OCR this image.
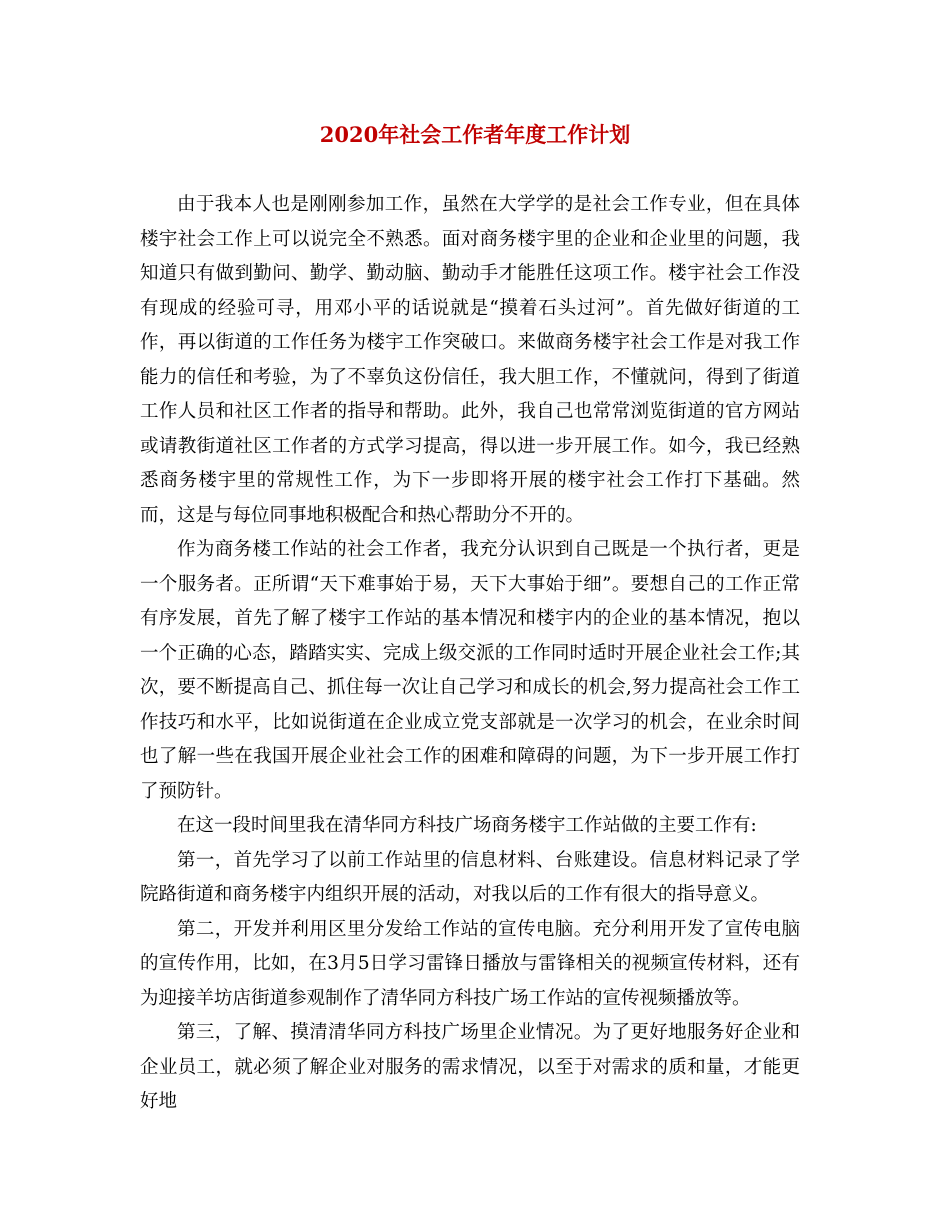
2020年社会工作者年度工作计划

由于我本人也是刚刚参加工作，虽然在大学学的是社会工作专业，但在具体楼宇社会工作上可以说完全不熟悉。面对商务楼宇里的企业和企业里的问题，我知道只有做到勤问、勤学、勤动脑、勤动手才能胜任这项工作。楼宇社会工作没有现成的经验可寻，用邓小平的话说就是“摸着石头过河”。首先做好街道的工作，再以街道的工作任务为楼宇工作突破口。来做商务楼宇社会工作是对我工作能力的信任和考验，为了不辜负这份信任，我大胆工作，不懂就问，得到了街道工作人员和社区工作者的指导和帮助。此外，我自己也常常浏览街道的官方网站或请教街道社区工作者的方式学习提高，得以进一步开展工作。如今，我已经熟悉商务楼宇里的常规性工作，为下一步即将开展的楼宇社会工作打下基础。然而，这是与每位同事地积极配合和热心帮助分不开的。

作为商务楼工作站的社会工作者，我充分认识到自己既是一个执行者，更是一个服务者。正所谓“天下难事始于易，天下大事始于细”。要想自己的工作正常有序发展，首先了解了楼宇工作站的基本情况和楼宇内的企业的基本情况，抱以一个正确的心态，踏踏实实、完成上级交派的工作同时适时开展企业社会工作;其次，要不断提高自己、抓住每一次让自己学习和成长的机会,努力提高社会工作工作技巧和水平，比如说街道在企业成立党支部就是一次学习的机会，在业余时间也了解一些在我国开展企业社会工作的困难和障碍的问题，为下一步开展工作打了预防针。

在这一段时间里我在清华同方科技广场商务楼宇工作站做的主要工作有:

第一，首先学习了以前工作站里的信息材料、台账建设。信息材料记录了学院路街道和商务楼宇内组织开展的活动，对我以后的工作有很大的指导意义。

第二，开发并利用区里分发给工作站的宣传电脑。充分利用开发了宣传电脑的宣传作用，比如，在3月5日学习雷锋日播放与雷锋相关的视频宣传材料，还有为迎接羊坊店街道参观制作了清华同方科技广场工作站的宣传视频播放等。

第三，了解、摸清清华同方科技广场里企业情况。为了更好地服务好企业和企业员工，就必须了解企业对服务的需求情况，以至于对需求的质和量，才能更好地
